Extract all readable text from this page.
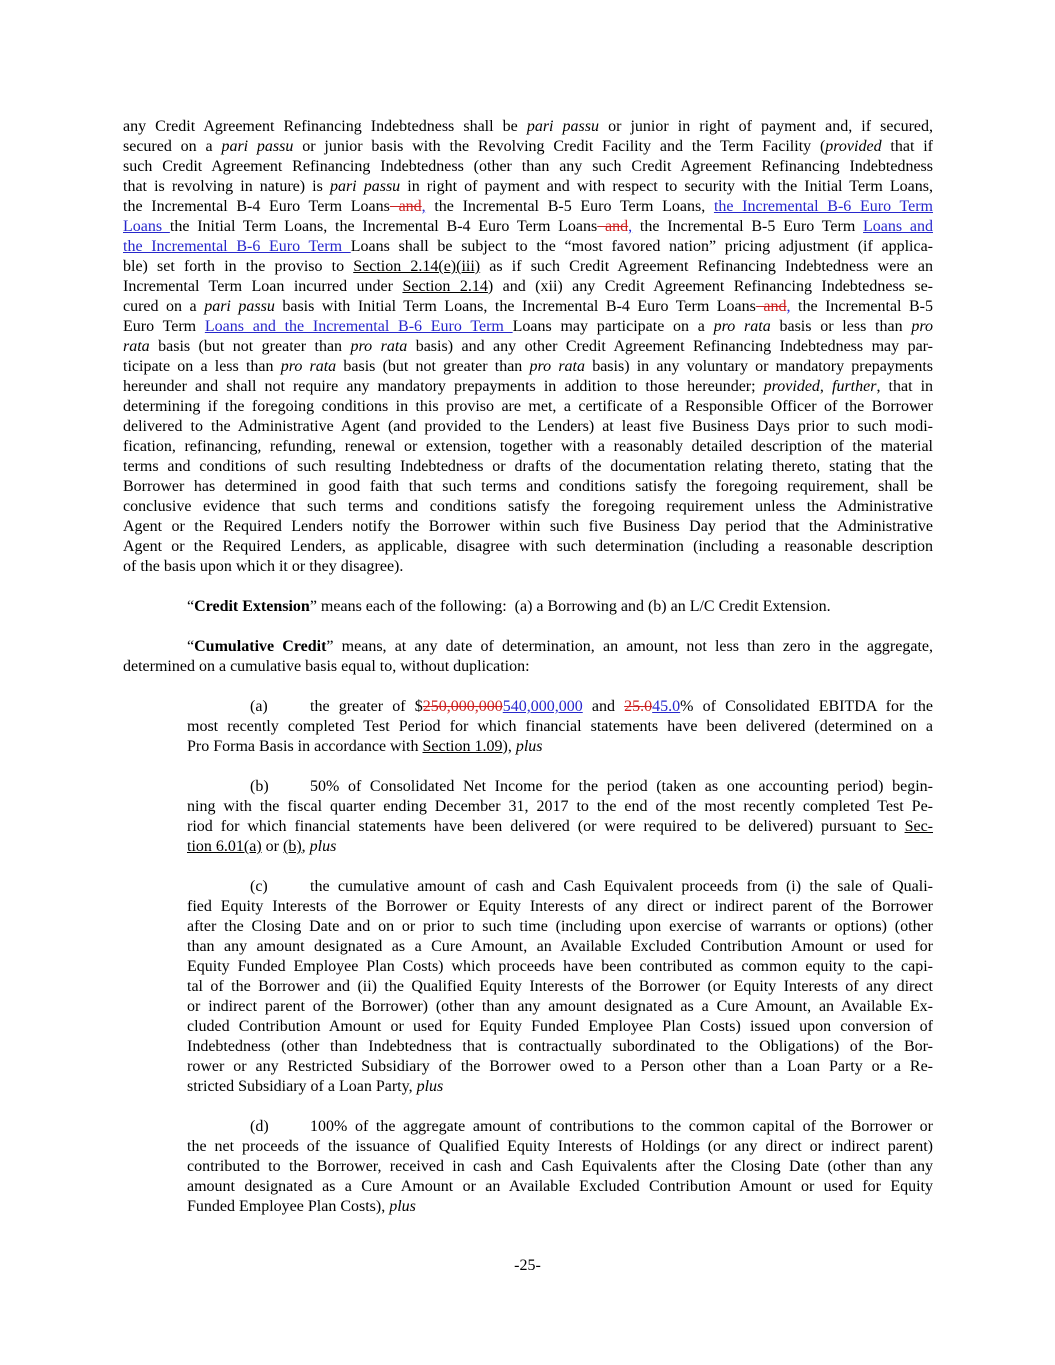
any Credit Agreement Refinancing Indebtedness shall be pari passu or junior in right of payment and, if secured,
secured on a pari passu or junior basis with the Revolving Credit Facility and the Term Facility (provided that if
such Credit Agreement Refinancing Indebtedness (other than any such Credit Agreement Refinancing Indebtedness
that is revolving in nature) is pari passu in right of payment and with respect to security with the Initial Term Loans,
the Incremental B-4 Euro Term Loans and, the Incremental B-5 Euro Term Loans, the Incremental B-6 Euro Term
Loans the Initial Term Loans, the Incremental B-4 Euro Term Loans and, the Incremental B-5 Euro Term Loans and
the Incremental B-6 Euro Term Loans shall be subject to the “most favored nation” pricing adjustment (if applica-
ble) set forth in the proviso to Section 2.14(e)(iii) as if such Credit Agreement Refinancing Indebtedness were an
Incremental Term Loan incurred under Section 2.14) and (xii) any Credit Agreement Refinancing Indebtedness se-
cured on a pari passu basis with Initial Term Loans, the Incremental B-4 Euro Term Loans and, the Incremental B-5
Euro Term Loans and the Incremental B-6 Euro Term Loans may participate on a pro rata basis or less than pro
rata basis (but not greater than pro rata basis) and any other Credit Agreement Refinancing Indebtedness may par-
ticipate on a less than pro rata basis (but not greater than pro rata basis) in any voluntary or mandatory prepayments
hereunder and shall not require any mandatory prepayments in addition to those hereunder; provided, further, that in
determining if the foregoing conditions in this proviso are met, a certificate of a Responsible Officer of the Borrower
delivered to the Administrative Agent (and provided to the Lenders) at least five Business Days prior to such modi-
fication, refinancing, refunding, renewal or extension, together with a reasonably detailed description of the material
terms and conditions of such resulting Indebtedness or drafts of the documentation relating thereto, stating that the
Borrower has determined in good faith that such terms and conditions satisfy the foregoing requirement, shall be
conclusive evidence that such terms and conditions satisfy the foregoing requirement unless the Administrative
Agent or the Required Lenders notify the Borrower within such five Business Day period that the Administrative
Agent or the Required Lenders, as applicable, disagree with such determination (including a reasonable description
of the basis upon which it or they disagree).
“Credit Extension” means each of the following:  (a) a Borrowing and (b) an L/C Credit Extension.
“Cumulative Credit” means, at any date of determination, an amount, not less than zero in the aggregate,
determined on a cumulative basis equal to, without duplication:
(a)	the greater of $250,000,000540,000,000 and 25.045.0% of Consolidated EBITDA for the
most recently completed Test Period for which financial statements have been delivered (determined on a
Pro Forma Basis in accordance with Section 1.09), plus
(b)	50% of Consolidated Net Income for the period (taken as one accounting period) begin-
ning with the fiscal quarter ending December 31, 2017 to the end of the most recently completed Test Pe-
riod for which financial statements have been delivered (or were required to be delivered) pursuant to Sec-
tion 6.01(a) or (b), plus
(c)	the cumulative amount of cash and Cash Equivalent proceeds from (i) the sale of Quali-
fied Equity Interests of the Borrower or Equity Interests of any direct or indirect parent of the Borrower
after the Closing Date and on or prior to such time (including upon exercise of warrants or options) (other
than any amount designated as a Cure Amount, an Available Excluded Contribution Amount or used for
Equity Funded Employee Plan Costs) which proceeds have been contributed as common equity to the capi-
tal of the Borrower and (ii) the Qualified Equity Interests of the Borrower (or Equity Interests of any direct
or indirect parent of the Borrower) (other than any amount designated as a Cure Amount, an Available Ex-
cluded Contribution Amount or used for Equity Funded Employee Plan Costs) issued upon conversion of
Indebtedness (other than Indebtedness that is contractually subordinated to the Obligations) of the Bor-
rower or any Restricted Subsidiary of the Borrower owed to a Person other than a Loan Party or a Re-
stricted Subsidiary of a Loan Party, plus
(d)	100% of the aggregate amount of contributions to the common capital of the Borrower or
the net proceeds of the issuance of Qualified Equity Interests of Holdings (or any direct or indirect parent)
contributed to the Borrower, received in cash and Cash Equivalents after the Closing Date (other than any
amount designated as a Cure Amount or an Available Excluded Contribution Amount or used for Equity
Funded Employee Plan Costs), plus
-25-
